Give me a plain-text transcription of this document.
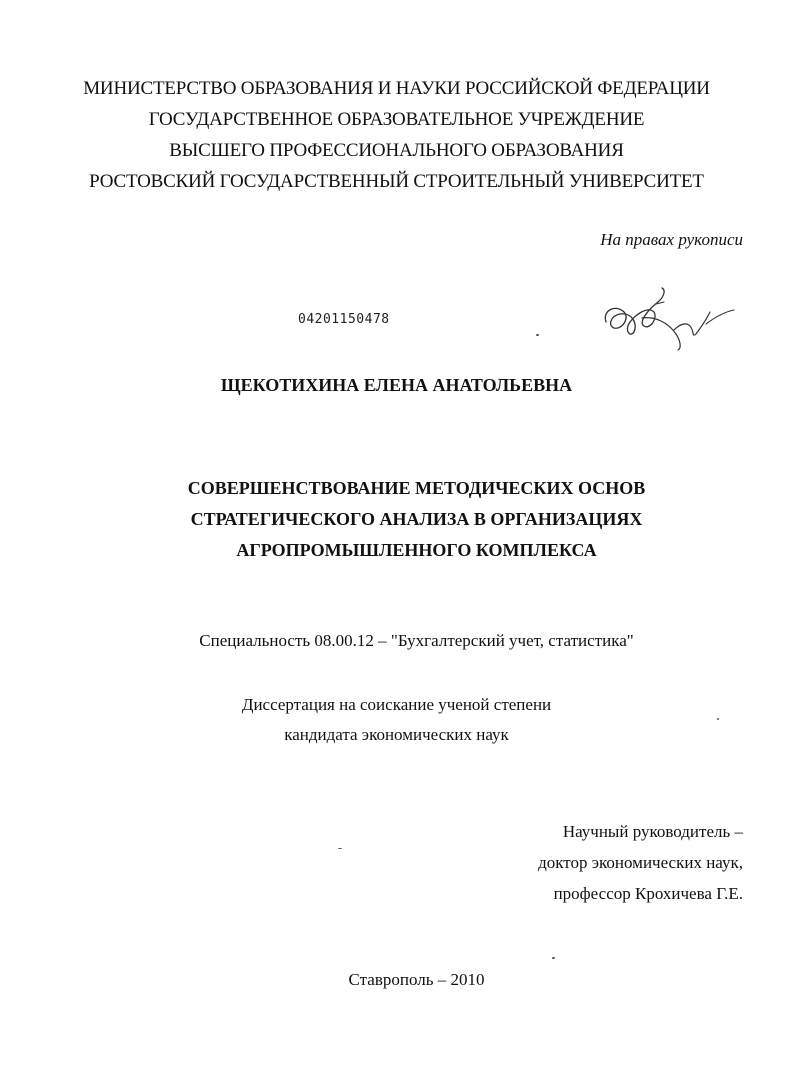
МИНИСТЕРСТВО ОБРАЗОВАНИЯ И НАУКИ РОССИЙСКОЙ ФЕДЕРАЦИИ
ГОСУДАРСТВЕННОЕ ОБРАЗОВАТЕЛЬНОЕ УЧРЕЖДЕНИЕ
ВЫСШЕГО ПРОФЕССИОНАЛЬНОГО ОБРАЗОВАНИЯ
РОСТОВСКИЙ ГОСУДАРСТВЕННЫЙ СТРОИТЕЛЬНЫЙ УНИВЕРСИТЕТ
На правах рукописи
04201150478
ЩЕКОТИХИНА ЕЛЕНА АНАТОЛЬЕВНА
СОВЕРШЕНСТВОВАНИЕ МЕТОДИЧЕСКИХ ОСНОВ
СТРАТЕГИЧЕСКОГО АНАЛИЗА В ОРГАНИЗАЦИЯХ
АГРОПРОМЫШЛЕННОГО КОМПЛЕКСА
Специальность 08.00.12 – "Бухгалтерский учет, статистика"
Диссертация на соискание ученой степени
кандидата экономических наук
Научный руководитель –
доктор экономических наук,
профессор Крохичева Г.Е.
Ставрополь – 2010
